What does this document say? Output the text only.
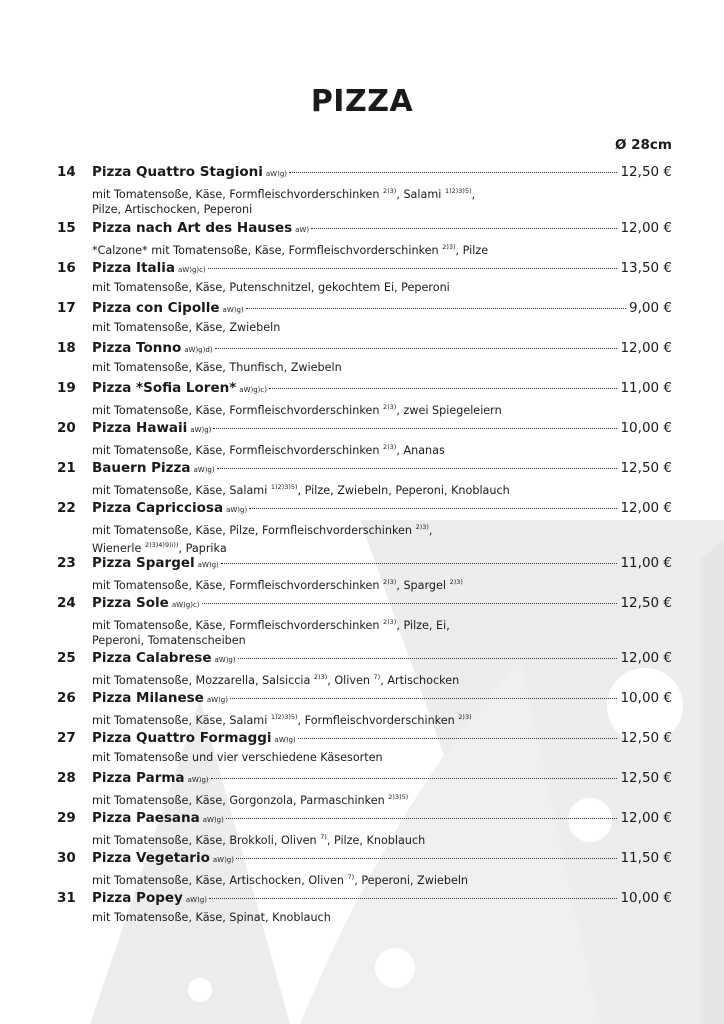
PIZZA
Ø 28cm
14 Pizza Quattro Stagioni aW)g)	12,50 €
mit Tomatensoße, Käse, Formfleischvorderschinken $^{2)3)}$, Salami $^{1)2)3)5)}$,
Pilze, Artischocken, Peperoni
15 Pizza nach Art des Hauses aW)	12,00 €
*Calzone* mit Tomatensoße, Käse, Formfleischvorderschinken $^{2)3)}$, Pilze
16 Pizza Italia aW)g)c)	13,50 €
mit Tomatensoße, Käse, Putenschnitzel, gekochtem Ei, Peperoni
17 Pizza con Cipolle aW)g)	9,00 €
mit Tomatensoße, Käse, Zwiebeln
18 Pizza Tonno aW)g)d)	12,00 €
mit Tomatensoße, Käse, Thunfisch, Zwiebeln
19 Pizza *Sofia Loren* aW)g)c)	11,00 €
mit Tomatensoße, Käse, Formfleischvorderschinken $^{2)3)}$, zwei Spiegeleiern
20 Pizza Hawaii aW)g)	10,00 €
mit Tomatensoße, Käse, Formfleischvorderschinken $^{2)3)}$, Ananas
21 Bauern Pizza aW)g)	12,50 €
mit Tomatensoße, Käse, Salami $^{1)2)3)5)}$, Pilze, Zwiebeln, Peperoni, Knoblauch
22 Pizza Capricciosa aW)g)	12,00 €
mit Tomatensoße, Käse, Pilze, Formfleischvorderschinken $^{2)3)}$,
Wienerle $^{2)3)4)9)i))}$, Paprika
23 Pizza Spargel aW)g)	11,00 €
mit Tomatensoße, Käse, Formfleischvorderschinken $^{2)3)}$, Spargel $^{2)3)}$
24 Pizza Sole aW)g)c)	12,50 €
mit Tomatensoße, Käse, Formfleischvorderschinken $^{2)3)}$, Pilze, Ei,
Peperoni, Tomatenscheiben
25 Pizza Calabrese aW)g)	12,00 €
mit Tomatensoße, Mozzarella, Salsiccia $^{2)3)}$, Oliven $^{7)}$, Artischocken
26 Pizza Milanese aW)g)	10,00 €
mit Tomatensoße, Käse, Salami $^{1)2)3)5)}$, Formfleischvorderschinken $^{2)3)}$
27 Pizza Quattro Formaggi aW)g)	12,50 €
mit Tomatensoße und vier verschiedene Käsesorten
28 Pizza Parma aW)g)	12,50 €
mit Tomatensoße, Käse, Gorgonzola, Parmaschinken $^{2)3)5)}$
29 Pizza Paesana aW)g)	12,00 €
mit Tomatensoße, Käse, Brokkoli, Oliven $^{7)}$, Pilze, Knoblauch
30 Pizza Vegetario aW)g)	11,50 €
mit Tomatensoße, Käse, Artischocken, Oliven $^{7)}$, Peperoni, Zwiebeln
31 Pizza Popey aW)g)	10,00 €
mit Tomatensoße, Käse, Spinat, Knoblauch
